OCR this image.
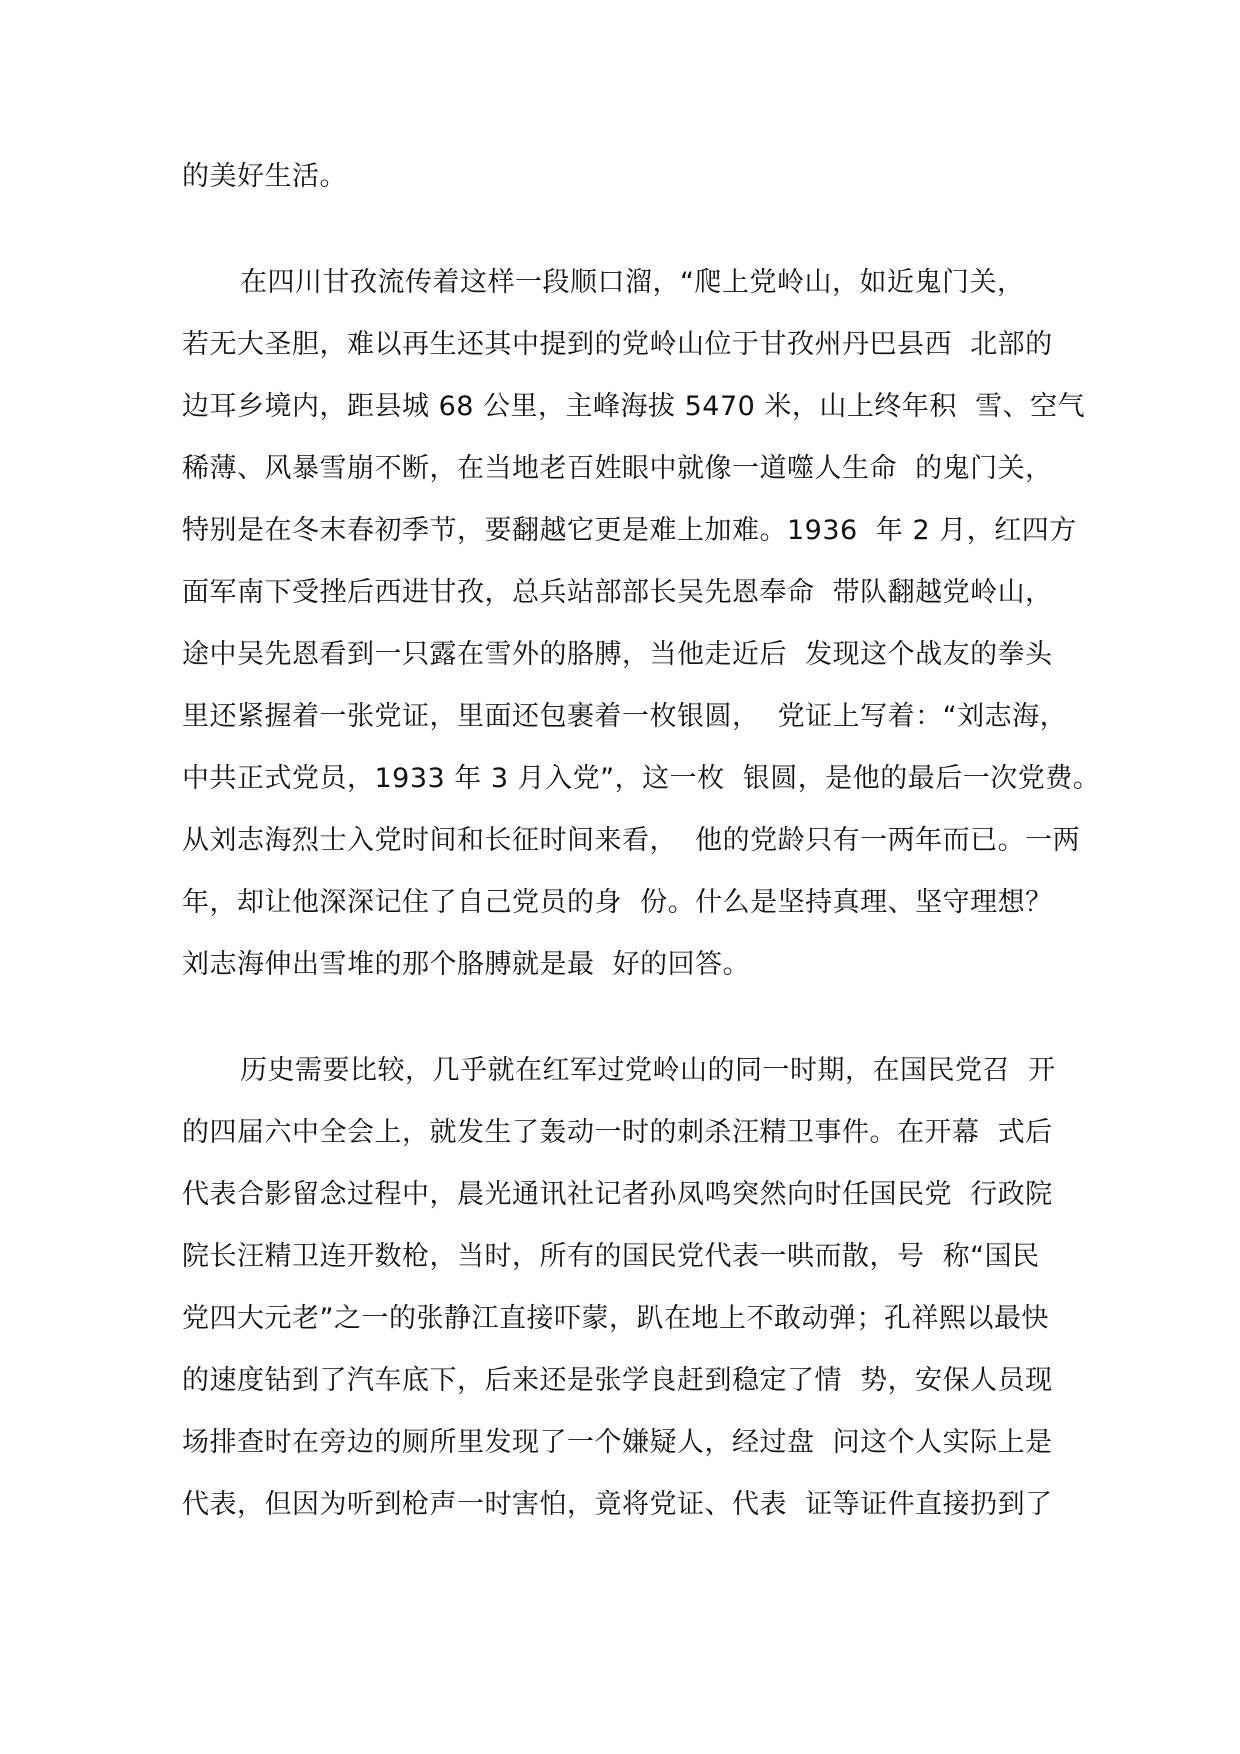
的美好生活。
在四川甘孜流传着这样一段顺口溜，“爬上党岭山，如近鬼门关，
若无大圣胆，难以再生还其中提到的党岭山位于甘孜州丹巴县西  北部的
边耳乡境内，距县城 68 公里，主峰海拔 5470 米，山上终年积  雪、空气
稀薄、风暴雪崩不断，在当地老百姓眼中就像一道噬人生命  的鬼门关，
特别是在冬末春初季节，要翻越它更是难上加难。1936  年 2 月，红四方
面军南下受挫后西进甘孜，总兵站部部长吴先恩奉命  带队翻越党岭山，
途中吴先恩看到一只露在雪外的胳膊，当他走近后  发现这个战友的拳头
里还紧握着一张党证，里面还包裹着一枚银圆，  党证上写着：“刘志海，
中共正式党员，1933 年 3 月入党”，这一枚  银圆，是他的最后一次党费。
从刘志海烈士入党时间和长征时间来看，  他的党龄只有一两年而已。一两
年，却让他深深记住了自己党员的身  份。什么是坚持真理、坚守理想？
刘志海伸出雪堆的那个胳膊就是最  好的回答。
历史需要比较，几乎就在红军过党岭山的同一时期，在国民党召  开
的四届六中全会上，就发生了轰动一时的刺杀汪精卫事件。在开幕  式后
代表合影留念过程中，晨光通讯社记者孙凤鸣突然向时任国民党  行政院
院长汪精卫连开数枪，当时，所有的国民党代表一哄而散，号  称“国民
党四大元老”之一的张静江直接吓蒙，趴在地上不敢动弹；孔祥熙以最快
的速度钻到了汽车底下，后来还是张学良赶到稳定了情  势，安保人员现
场排查时在旁边的厕所里发现了一个嫌疑人，经过盘  问这个人实际上是
代表，但因为听到枪声一时害怕，竟将党证、代表  证等证件直接扔到了
